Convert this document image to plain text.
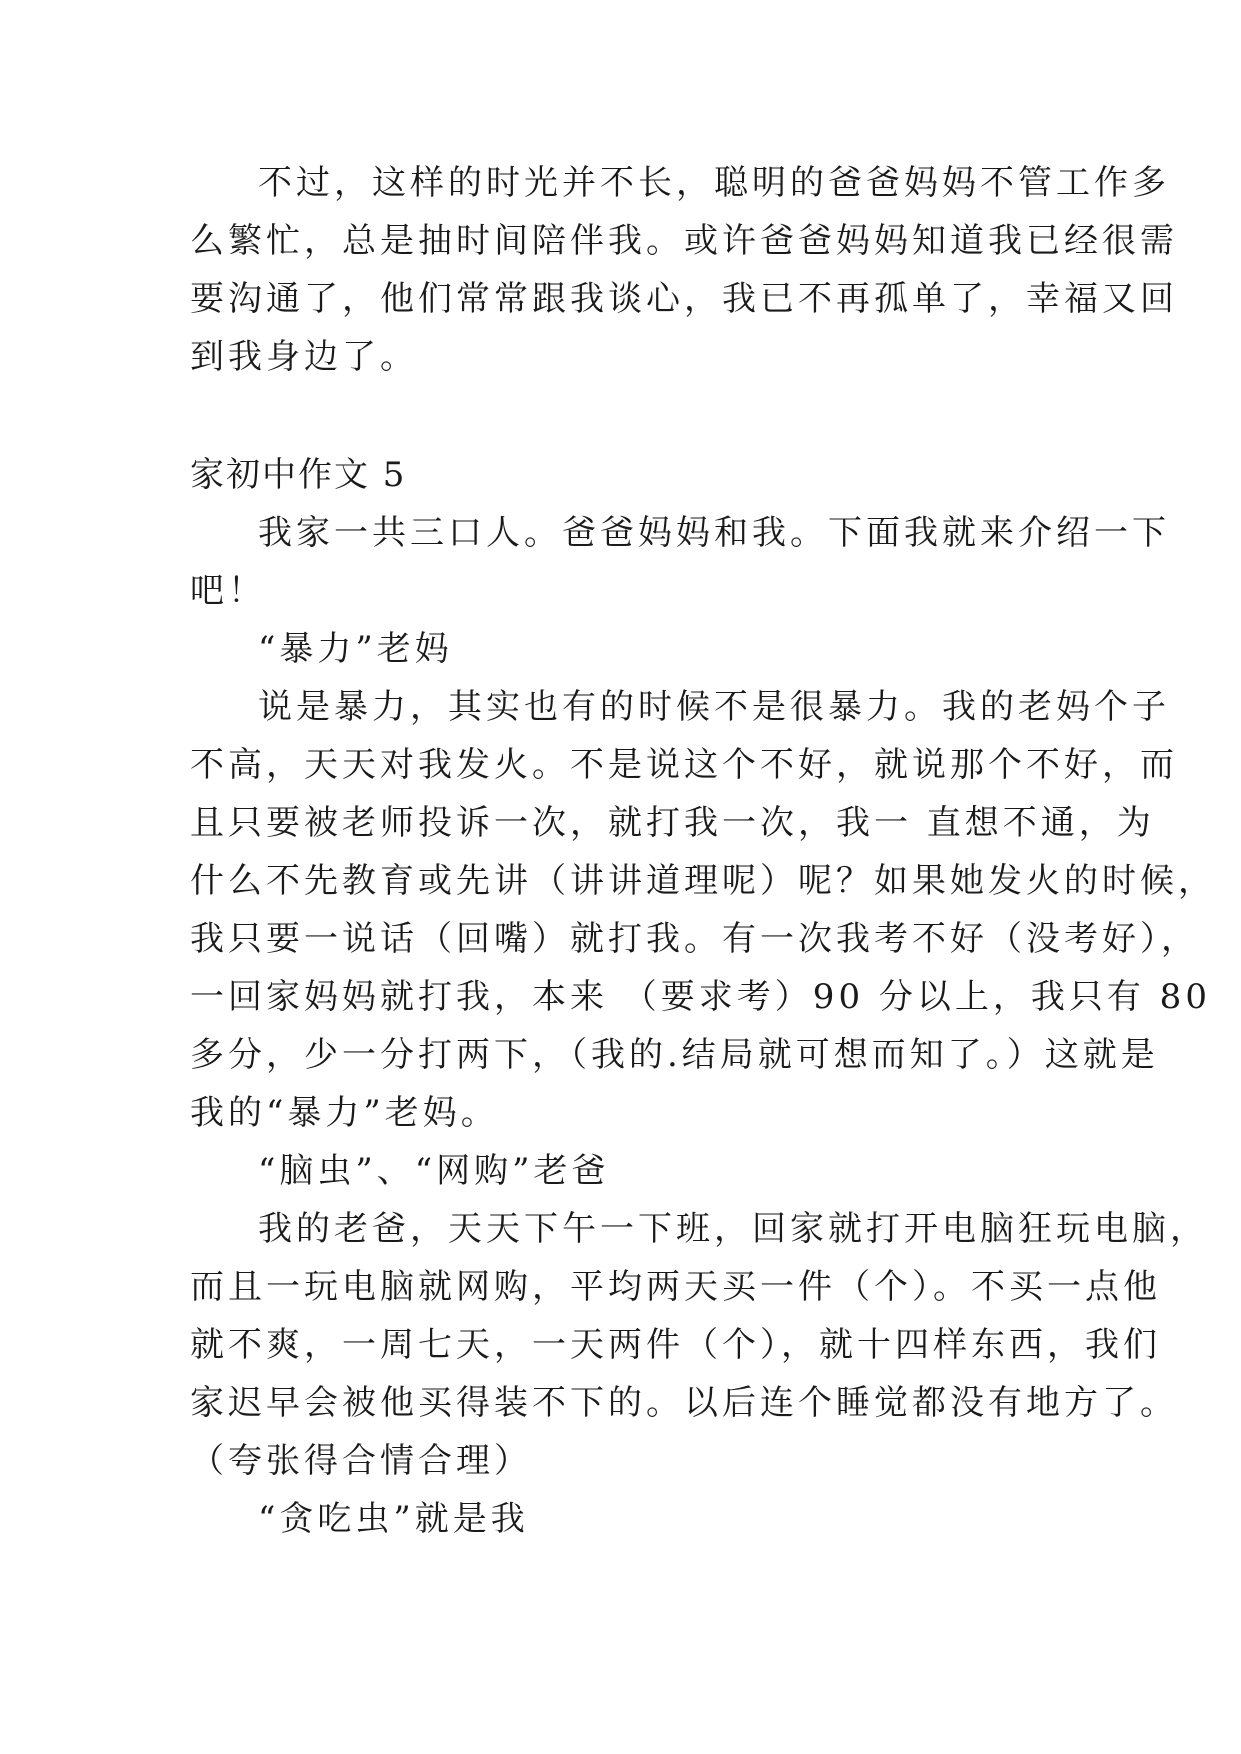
不过，这样的时光并不长，聪明的爸爸妈妈不管工作多
么繁忙，总是抽时间陪伴我。或许爸爸妈妈知道我已经很需
要沟通了，他们常常跟我谈心，我已不再孤单了，幸福又回
到我身边了。
家初中作文 5
我家一共三口人。爸爸妈妈和我。下面我就来介绍一下
吧！
“暴力”老妈
说是暴力，其实也有的时候不是很暴力。我的老妈个子
不高，天天对我发火。不是说这个不好，就说那个不好，而
且只要被老师投诉一次，就打我一次，我一 直想不通，为
什么不先教育或先讲（讲讲道理呢）呢？如果她发火的时候，
我只要一说话（回嘴）就打我。有一次我考不好（没考好），
一回家妈妈就打我，本来 （要求考）90 分以上，我只有 80
多分，少一分打两下，（我的.结局就可想而知了。）这就是
我的“暴力”老妈。
“脑虫”、“网购”老爸
我的老爸，天天下午一下班，回家就打开电脑狂玩电脑，
而且一玩电脑就网购，平均两天买一件（个）。不买一点他
就不爽，一周七天，一天两件（个），就十四样东西，我们
家迟早会被他买得装不下的。以后连个睡觉都没有地方了。
（夸张得合情合理）
“贪吃虫”就是我
